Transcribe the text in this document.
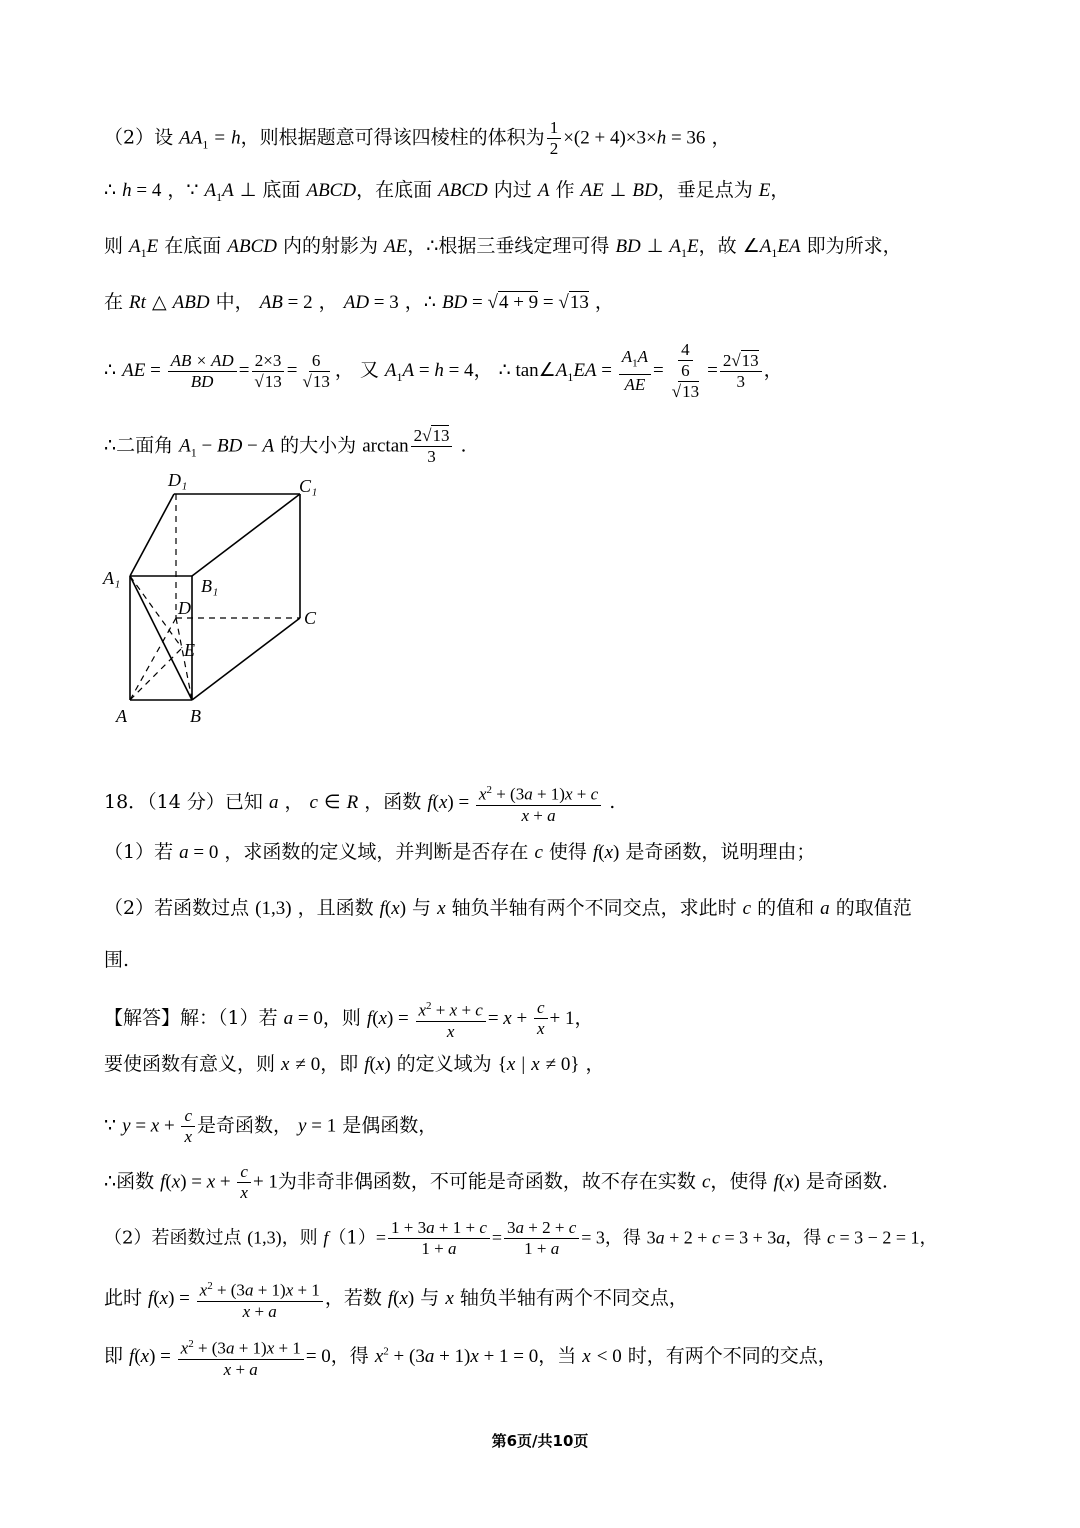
（2）设 $AA_1 = h$，则根据题意可得该四棱柱的体积为 $\frac{1}{2} \times(2 + 4)\times 3\times h = 36$ ，
∴ h = 4 ，∵ $A_1A$ ⊥ 底面 ABCD，在底面 ABCD 内过 A 作 AE ⊥ BD，垂足点为 E，
则 $A_1E$ 在底面 ABCD 内的射影为 AE，∴根据三垂线定理可得 BD ⊥ $A_1E$，故 $\angle A_1EA$ 即为所求，
在 Rt △ ABD 中， AB = 2 ， AD = 3 ，∴ BD = √4 + 9 = √13 ，
∴ AE = $\frac{AB \times AD}{BD} = \frac{2\times 3}{√13} = \frac{6}{√13}$ ， 又 $A_1A = h = 4$， ∴ $\tan\angle A_1EA = \frac{A_1A}{AE} = \frac{4}{\frac{6}{√13}} = \frac{2√13}{3}$ ，
∴二面角 $A_1$ − BD − A 的大小为 $\arctan \frac{2√13}{3}$ .
D₁	C₁
A₁	B₁
D	C
E
A	B
18．（14 分）已知 a ， c ∈ R ，函数 $f(x) = \frac{x^2 + (3a + 1)x + c}{x + a}$ .
（1）若 a = 0 ，求函数的定义域，并判断是否存在 c 使得 f(x) 是奇函数，说明理由；
（2）若函数过点 (1,3) ，且函数 f(x) 与 x 轴负半轴有两个不同交点，求此时 c 的值和 a 的取值范
围.
【解答】解：（1）若 a = 0，则 $f(x) = \frac{x^2 + x + c}{x} = x + \frac{c}{x} + 1$，
要使函数有意义，则 x ≠ 0，即 f(x) 的定义域为 {x | x ≠ 0} ，
∵ $y = x + \frac{c}{x}$ 是奇函数， y = 1 是偶函数，
∴函数 $f(x) = x + \frac{c}{x} + 1$为非奇非偶函数，不可能是奇函数，故不存在实数 c，使得 f(x) 是奇函数.
（2）若函数过点 (1,3)，则 $f(1)= \frac{1 + 3a + 1 + c}{1 + a} = \frac{3a + 2 + c}{1 + a} = 3$，得 3a + 2 + c = 3 + 3a，得 c = 3 − 2 = 1，
此时 $f(x) = \frac{x^2 + (3a + 1)x + 1}{x + a}$ ，若数 f(x) 与 x 轴负半轴有两个不同交点，
即 $f(x) = \frac{x^2 + (3a + 1)x + 1}{x + a} = 0$，得 $x^2 + (3a + 1)x + 1 = 0$，当 x < 0 时，有两个不同的交点，
第6页/共10页
